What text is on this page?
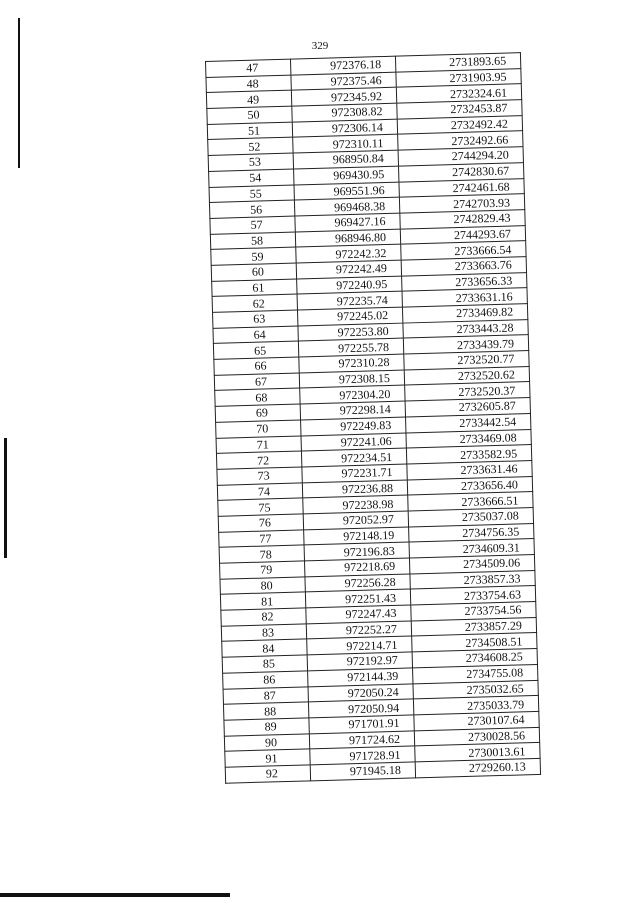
329
47	972376.18	2731893.65
48	972375.46	2731903.95
49	972345.92	2732324.61
50	972308.82	2732453.87
51	972306.14	2732492.42
52	972310.11	2732492.66
53	968950.84	2744294.20
54	969430.95	2742830.67
55	969551.96	2742461.68
56	969468.38	2742703.93
57	969427.16	2742829.43
58	968946.80	2744293.67
59	972242.32	2733666.54
60	972242.49	2733663.76
61	972240.95	2733656.33
62	972235.74	2733631.16
63	972245.02	2733469.82
64	972253.80	2733443.28
65	972255.78	2733439.79
66	972310.28	2732520.77
67	972308.15	2732520.62
68	972304.20	2732520.37
69	972298.14	2732605.87
70	972249.83	2733442.54
71	972241.06	2733469.08
72	972234.51	2733582.95
73	972231.71	2733631.46
74	972236.88	2733656.40
75	972238.98	2733666.51
76	972052.97	2735037.08
77	972148.19	2734756.35
78	972196.83	2734609.31
79	972218.69	2734509.06
80	972256.28	2733857.33
81	972251.43	2733754.63
82	972247.43	2733754.56
83	972252.27	2733857.29
84	972214.71	2734508.51
85	972192.97	2734608.25
86	972144.39	2734755.08
87	972050.24	2735032.65
88	972050.94	2735033.79
89	971701.91	2730107.64
90	971724.62	2730028.56
91	971728.91	2730013.61
92	971945.18	2729260.13
